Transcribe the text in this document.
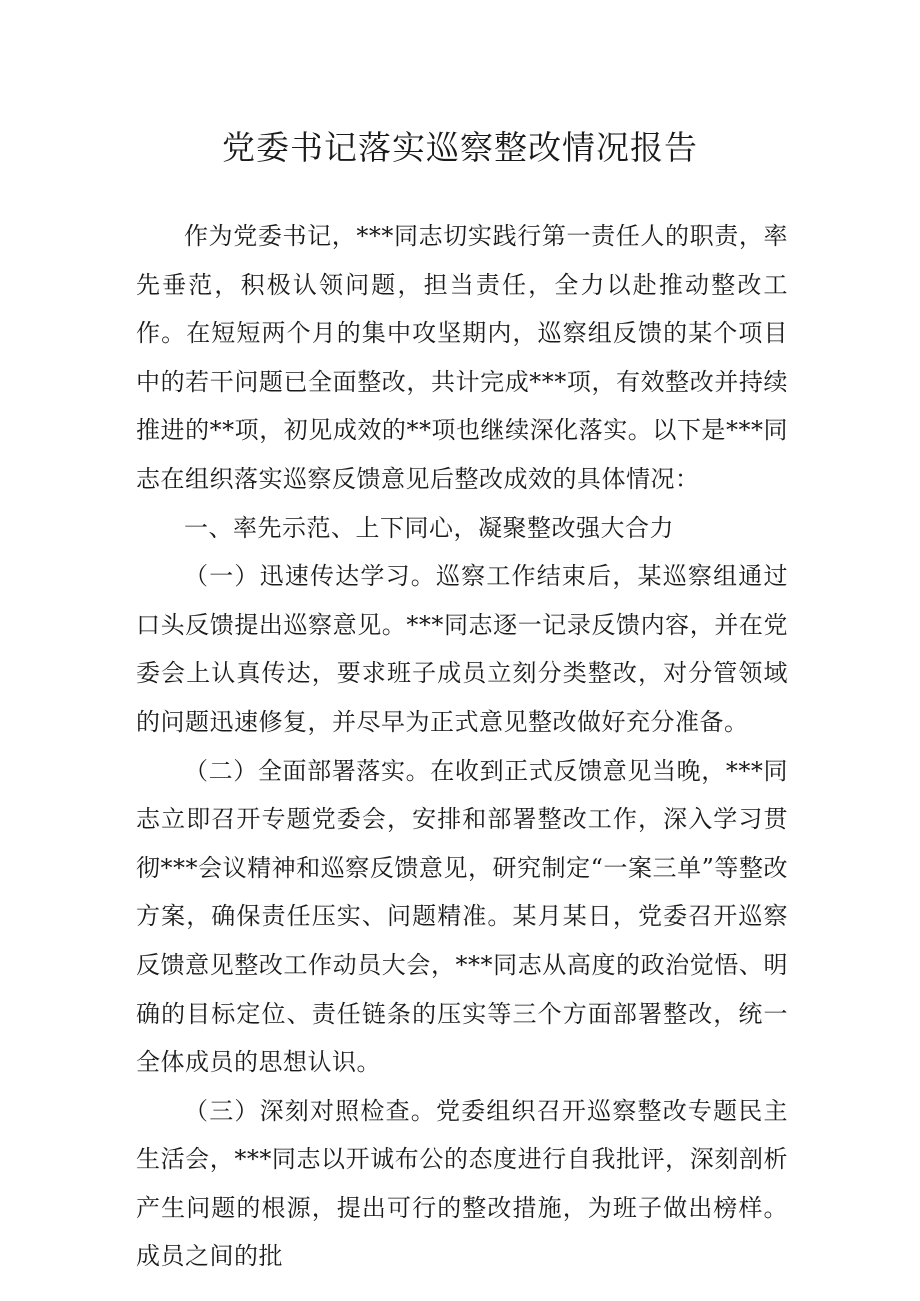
党委书记落实巡察整改情况报告

作为党委书记，***同志切实践行第一责任人的职责，率先垂范，积极认领问题，担当责任，全力以赴推动整改工作。在短短两个月的集中攻坚期内，巡察组反馈的某个项目中的若干问题已全面整改，共计完成***项，有效整改并持续推进的**项，初见成效的**项也继续深化落实。以下是***同志在组织落实巡察反馈意见后整改成效的具体情况：

一、率先示范、上下同心，凝聚整改强大合力

（一）迅速传达学习。巡察工作结束后，某巡察组通过口头反馈提出巡察意见。***同志逐一记录反馈内容，并在党委会上认真传达，要求班子成员立刻分类整改，对分管领域的问题迅速修复，并尽早为正式意见整改做好充分准备。

（二）全面部署落实。在收到正式反馈意见当晚，***同志立即召开专题党委会，安排和部署整改工作，深入学习贯彻***会议精神和巡察反馈意见，研究制定“一案三单”等整改方案，确保责任压实、问题精准。某月某日，党委召开巡察反馈意见整改工作动员大会，***同志从高度的政治觉悟、明确的目标定位、责任链条的压实等三个方面部署整改，统一全体成员的思想认识。

（三）深刻对照检查。党委组织召开巡察整改专题民主生活会，***同志以开诚布公的态度进行自我批评，深刻剖析产生问题的根源，提出可行的整改措施，为班子做出榜样。成员之间的批
